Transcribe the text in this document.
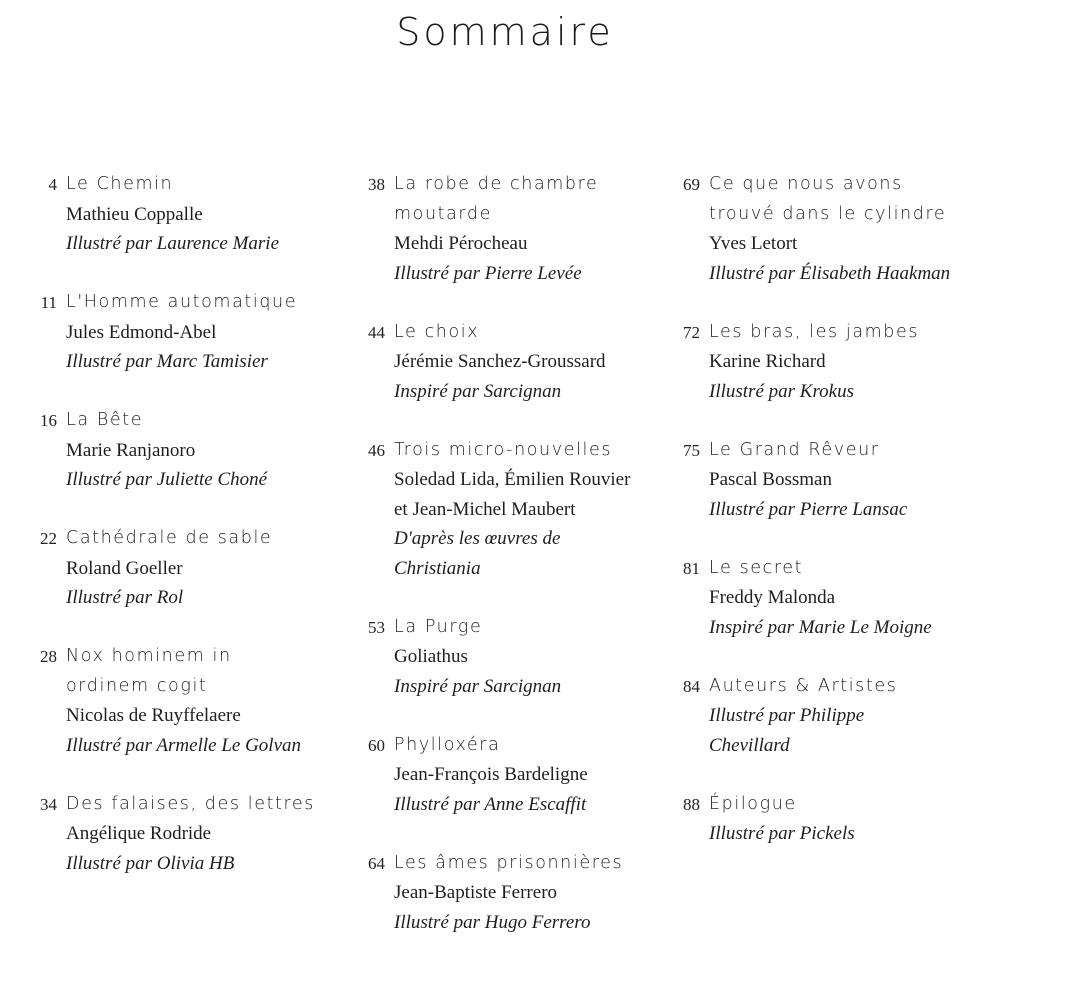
Sommaire
4 Le Chemin
Mathieu Coppalle
Illustré par Laurence Marie
11 L'Homme automatique
Jules Edmond-Abel
Illustré par Marc Tamisier
16 La Bête
Marie Ranjanoro
Illustré par Juliette Choné
22 Cathédrale de sable
Roland Goeller
Illustré par Rol
28 Nox hominem in
ordinem cogit
Nicolas de Ruyffelaere
Illustré par Armelle Le Golvan
34 Des falaises, des lettres
Angélique Rodride
Illustré par Olivia HB
38 La robe de chambre
moutarde
Mehdi Pérocheau
Illustré par Pierre Levée
44 Le choix
Jérémie Sanchez-Groussard
Inspiré par Sarcignan
46 Trois micro-nouvelles
Soledad Lida, Émilien Rouvier
et Jean-Michel Maubert
D'après les œuvres de
Christiania
53 La Purge
Goliathus
Inspiré par Sarcignan
60 Phylloxéra
Jean-François Bardeligne
Illustré par Anne Escaffit
64 Les âmes prisonnières
Jean-Baptiste Ferrero
Illustré par Hugo Ferrero
69 Ce que nous avons
trouvé dans le cylindre
Yves Letort
Illustré par Élisabeth Haakman
72 Les bras, les jambes
Karine Richard
Illustré par Krokus
75 Le Grand Rêveur
Pascal Bossman
Illustré par Pierre Lansac
81 Le secret
Freddy Malonda
Inspiré par Marie Le Moigne
84 Auteurs & Artistes
Illustré par Philippe
Chevillard
88 Épilogue
Illustré par Pickels
